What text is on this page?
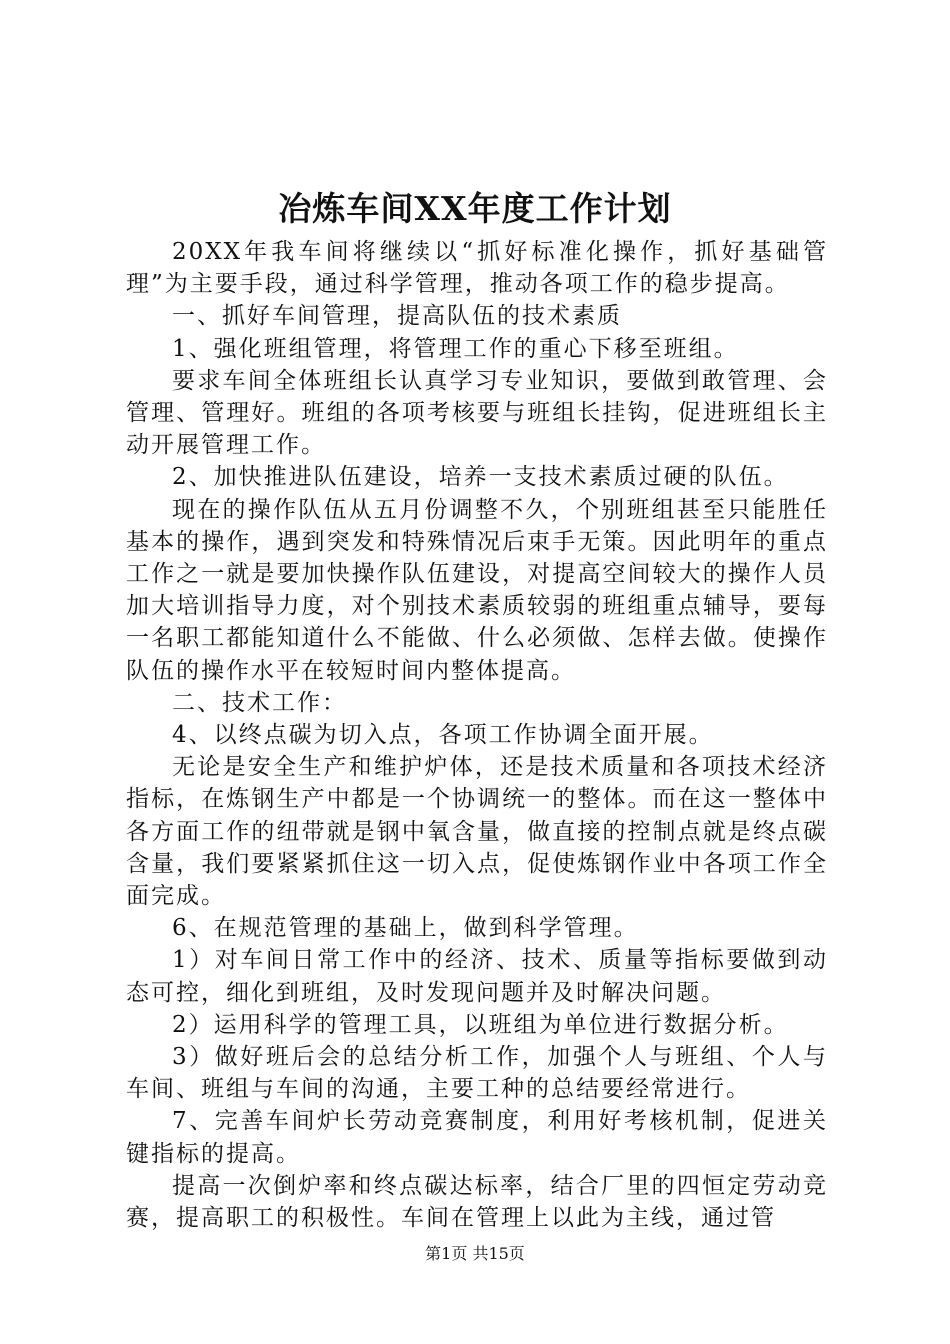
冶炼车间XX年度工作计划

20XX年我车间将继续以“抓好标准化操作，抓好基础管理”为主要手段，通过科学管理，推动各项工作的稳步提高。

一、抓好车间管理，提高队伍的技术素质

1、强化班组管理，将管理工作的重心下移至班组。

要求车间全体班组长认真学习专业知识，要做到敢管理、会管理、管理好。班组的各项考核要与班组长挂钩，促进班组长主动开展管理工作。

2、加快推进队伍建设，培养一支技术素质过硬的队伍。

现在的操作队伍从五月份调整不久，个别班组甚至只能胜任基本的操作，遇到突发和特殊情况后束手无策。因此明年的重点工作之一就是要加快操作队伍建设，对提高空间较大的操作人员加大培训指导力度，对个别技术素质较弱的班组重点辅导，要每一名职工都能知道什么不能做、什么必须做、怎样去做。使操作队伍的操作水平在较短时间内整体提高。

二、技术工作：

4、以终点碳为切入点，各项工作协调全面开展。

无论是安全生产和维护炉体，还是技术质量和各项技术经济指标，在炼钢生产中都是一个协调统一的整体。而在这一整体中各方面工作的纽带就是钢中氧含量，做直接的控制点就是终点碳含量，我们要紧紧抓住这一切入点，促使炼钢作业中各项工作全面完成。

6、在规范管理的基础上，做到科学管理。

1）对车间日常工作中的经济、技术、质量等指标要做到动态可控，细化到班组，及时发现问题并及时解决问题。

2）运用科学的管理工具，以班组为单位进行数据分析。

3）做好班后会的总结分析工作，加强个人与班组、个人与车间、班组与车间的沟通，主要工种的总结要经常进行。

7、完善车间炉长劳动竞赛制度，利用好考核机制，促进关键指标的提高。

提高一次倒炉率和终点碳达标率，结合厂里的四恒定劳动竞赛，提高职工的积极性。车间在管理上以此为主线，通过管

第1页 共15页
